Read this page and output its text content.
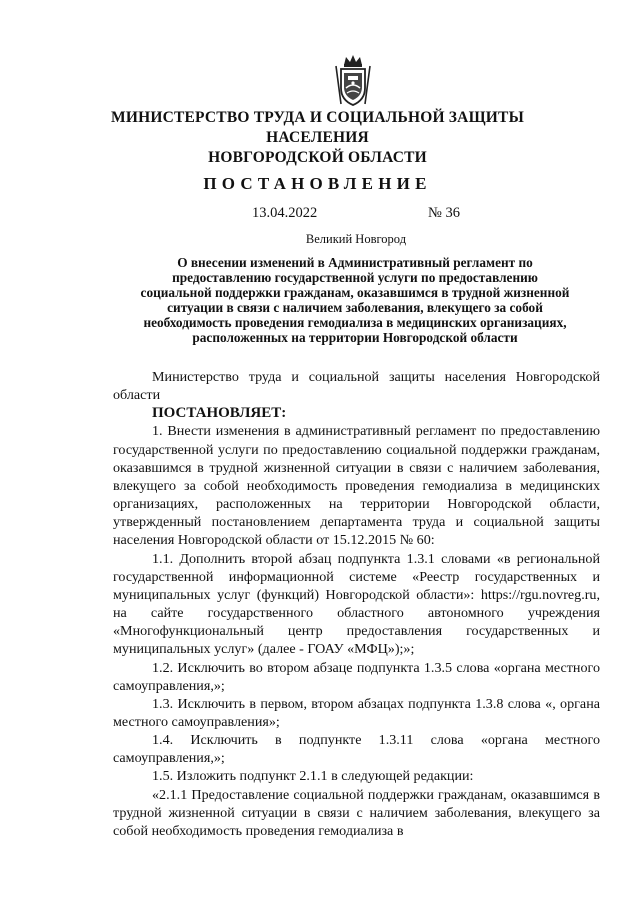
МИНИСТЕРСТВО ТРУДА И СОЦИАЛЬНОЙ ЗАЩИТЫ НАСЕЛЕНИЯ
НОВГОРОДСКОЙ ОБЛАСТИ
ПОСТАНОВЛЕНИЕ
13.04.2022	№ 36
Великий Новгород
О внесении изменений в Административный регламент по предоставлению государственной услуги по предоставлению социальной поддержки гражданам, оказавшимся в трудной жизненной ситуации в связи с наличием заболевания, влекущего за собой необходимость проведения гемодиализа в медицинских организациях, расположенных на территории Новгородской области

Министерство труда и социальной защиты населения Новгородской области

ПОСТАНОВЛЯЕТ:

1. Внести изменения в административный регламент по предоставлению государственной услуги по предоставлению социальной поддержки гражданам, оказавшимся в трудной жизненной ситуации в связи с наличием заболевания, влекущего за собой необходимость проведения гемодиализа в медицинских организациях, расположенных на территории Новгородской области, утвержденный постановлением департамента труда и социальной защиты населения Новгородской области от 15.12.2015 № 60:

1.1. Дополнить второй абзац подпункта 1.3.1 словами «в региональной государственной информационной системе «Реестр государственных и муниципальных услуг (функций) Новгородской области»: https://rgu.novreg.ru, на сайте государственного областного автономного учреждения «Многофункциональный центр предоставления государственных и муниципальных услуг» (далее - ГОАУ «МФЦ»);»;

1.2. Исключить во втором абзаце подпункта 1.3.5 слова «органа местного самоуправления,»;

1.3. Исключить в первом, втором абзацах подпункта 1.3.8 слова «, органа местного самоуправления»;

1.4. Исключить в подпункте 1.3.11 слова «органа местного самоуправления,»;

1.5. Изложить подпункт 2.1.1 в следующей редакции:

«2.1.1 Предоставление социальной поддержки гражданам, оказавшимся в трудной жизненной ситуации в связи с наличием заболевания, влекущего за собой необходимость проведения гемодиализа в
